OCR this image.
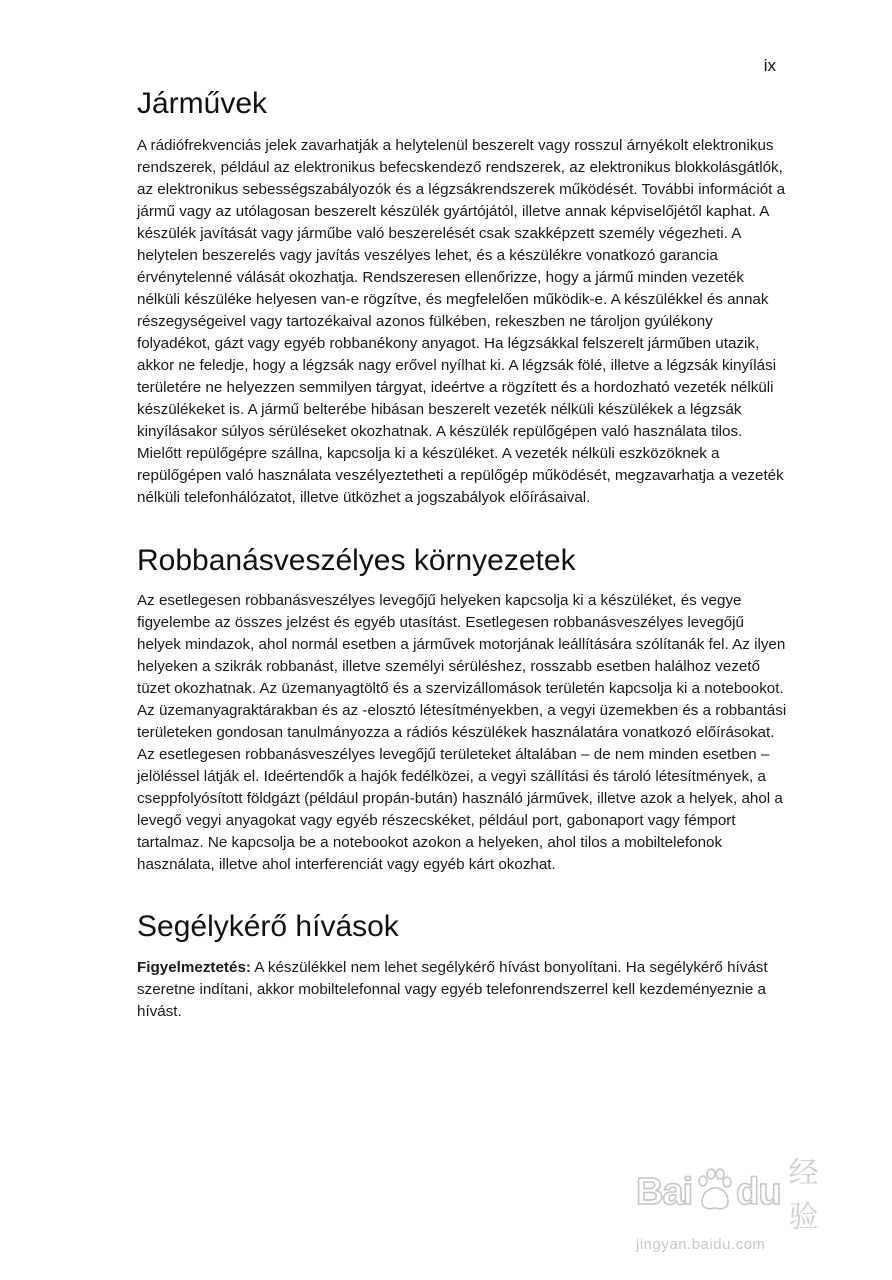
ix
Járművek

A rádiófrekvenciás jelek zavarhatják a helytelenül beszerelt vagy rosszul árnyékolt elektronikus rendszerek, például az elektronikus befecskendező rendszerek, az elektronikus blokkolásgátlók, az elektronikus sebességszabályozók és a légzsákrendszerek működését. További információt a jármű vagy az utólagosan beszerelt készülék gyártójától, illetve annak képviselőjétől kaphat. A készülék javítását vagy járműbe való beszerelését csak szakképzett személy végezheti. A helytelen beszerelés vagy javítás veszélyes lehet, és a készülékre vonatkozó garancia érvénytelenné válását okozhatja. Rendszeresen ellenőrizze, hogy a jármű minden vezeték nélküli készüléke helyesen van-e rögzítve, és megfelelően működik-e. A készülékkel és annak részegységeivel vagy tartozékaival azonos fülkében, rekeszben ne tároljon gyúlékony folyadékot, gázt vagy egyéb robbanékony anyagot. Ha légzsákkal felszerelt járműben utazik, akkor ne feledje, hogy a légzsák nagy erővel nyílhat ki. A légzsák fölé, illetve a légzsák kinyílási területére ne helyezzen semmilyen tárgyat, ideértve a rögzített és a hordozható vezeték nélküli készülékeket is. A jármű belterébe hibásan beszerelt vezeték nélküli készülékek a légzsák kinyílásakor súlyos sérüléseket okozhatnak. A készülék repülőgépen való használata tilos. Mielőtt repülőgépre szállna, kapcsolja ki a készüléket. A vezeték nélküli eszközöknek a repülőgépen való használata veszélyeztetheti a repülőgép működését, megzavarhatja a vezeték nélküli telefonhálózatot, illetve ütközhet a jogszabályok előírásaival.

Robbanásveszélyes környezetek

Az esetlegesen robbanásveszélyes levegőjű helyeken kapcsolja ki a készüléket, és vegye figyelembe az összes jelzést és egyéb utasítást. Esetlegesen robbanásveszélyes levegőjű helyek mindazok, ahol normál esetben a járművek motorjának leállítására szólítanák fel. Az ilyen helyeken a szikrák robbanást, illetve személyi sérüléshez, rosszabb esetben halálhoz vezető tüzet okozhatnak. Az üzemanyagtöltő és a szervizállomások területén kapcsolja ki a notebookot. Az üzemanyagraktárakban és az -elosztó létesítményekben, a vegyi üzemekben és a robbantási területeken gondosan tanulmányozza a rádiós készülékek használatára vonatkozó előírásokat. Az esetlegesen robbanásveszélyes levegőjű területeket általában – de nem minden esetben – jelöléssel látják el. Ideértendők a hajók fedélközei, a vegyi szállítási és tároló létesítmények, a cseppfolyósított földgázt (például propán-bután) használó járművek, illetve azok a helyek, ahol a levegő vegyi anyagokat vagy egyéb részecskéket, például port, gabonaport vagy fémport tartalmaz. Ne kapcsolja be a notebookot azokon a helyeken, ahol tilos a mobiltelefonok használata, illetve ahol interferenciát vagy egyéb kárt okozhat.

Segélykérő hívások

Figyelmeztetés: A készülékkel nem lehet segélykérő hívást bonyolítani. Ha segélykérő hívást szeretne indítani, akkor mobiltelefonnal vagy egyéb telefonrendszerrel kell kezdeményeznie a hívást.

Bai du 经验
jingyan.baidu.com
